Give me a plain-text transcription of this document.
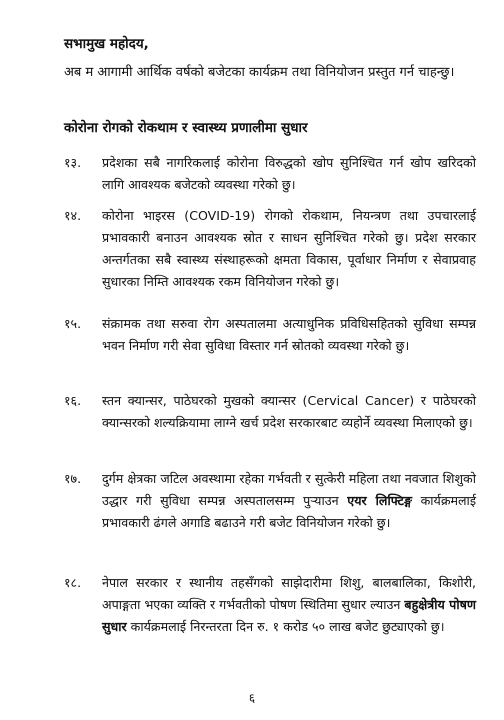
सभामुख महोदय,
अब म आगामी आर्थिक वर्षको बजेटका कार्यक्रम तथा विनियोजन प्रस्तुत गर्न चाहन्छु।
कोरोना रोगको रोकथाम र स्वास्थ्य प्रणालीमा सुधार
१३.	प्रदेशका सबै नागरिकलाई कोरोना विरुद्धको खोप सुनिश्चित गर्न खोप खरिदको लागि आवश्यक बजेटको व्यवस्था गरेको छु।
१४.	कोरोना भाइरस (COVID-19) रोगको रोकथाम, नियन्त्रण तथा उपचारलाई प्रभावकारी बनाउन आवश्यक स्रोत र साधन सुनिश्चित गरेको छु। प्रदेश सरकार अन्तर्गतका सबै स्वास्थ्य संस्थाहरूको क्षमता विकास, पूर्वाधार निर्माण र सेवाप्रवाह सुधारका निम्ति आवश्यक रकम विनियोजन गरेको छु।
१५.	संक्रामक तथा सरुवा रोग अस्पतालमा अत्याधुनिक प्रविधिसहितको सुविधा सम्पन्न भवन निर्माण गरी सेवा सुविधा विस्तार गर्न स्रोतको व्यवस्था गरेको छु।
१६.	स्तन क्यान्सर, पाठेघरको मुखको क्यान्सर (Cervical Cancer) र पाठेघरको क्यान्सरको शल्यक्रियामा लाग्ने खर्च प्रदेश सरकारबाट व्यहोर्ने व्यवस्था मिलाएको छु।
१७.	दुर्गम क्षेत्रका जटिल अवस्थामा रहेका गर्भवती र सुत्केरी महिला तथा नवजात शिशुको उद्धार गरी सुविधा सम्पन्न अस्पतालसम्म पुर्‍याउन एयर लिफ्टिङ्ग कार्यक्रमलाई प्रभावकारी ढंगले अगाडि बढाउने गरी बजेट विनियोजन गरेको छु।
१८.	नेपाल सरकार र स्थानीय तहसँगको साझेदारीमा शिशु, बालबालिका, किशोरी, अपाङ्गता भएका व्यक्ति र गर्भवतीको पोषण स्थितिमा सुधार ल्याउन बहुक्षेत्रीय पोषण सुधार कार्यक्रमलाई निरन्तरता दिन रु. १ करोड ५० लाख बजेट छुट्याएको छु।
६
